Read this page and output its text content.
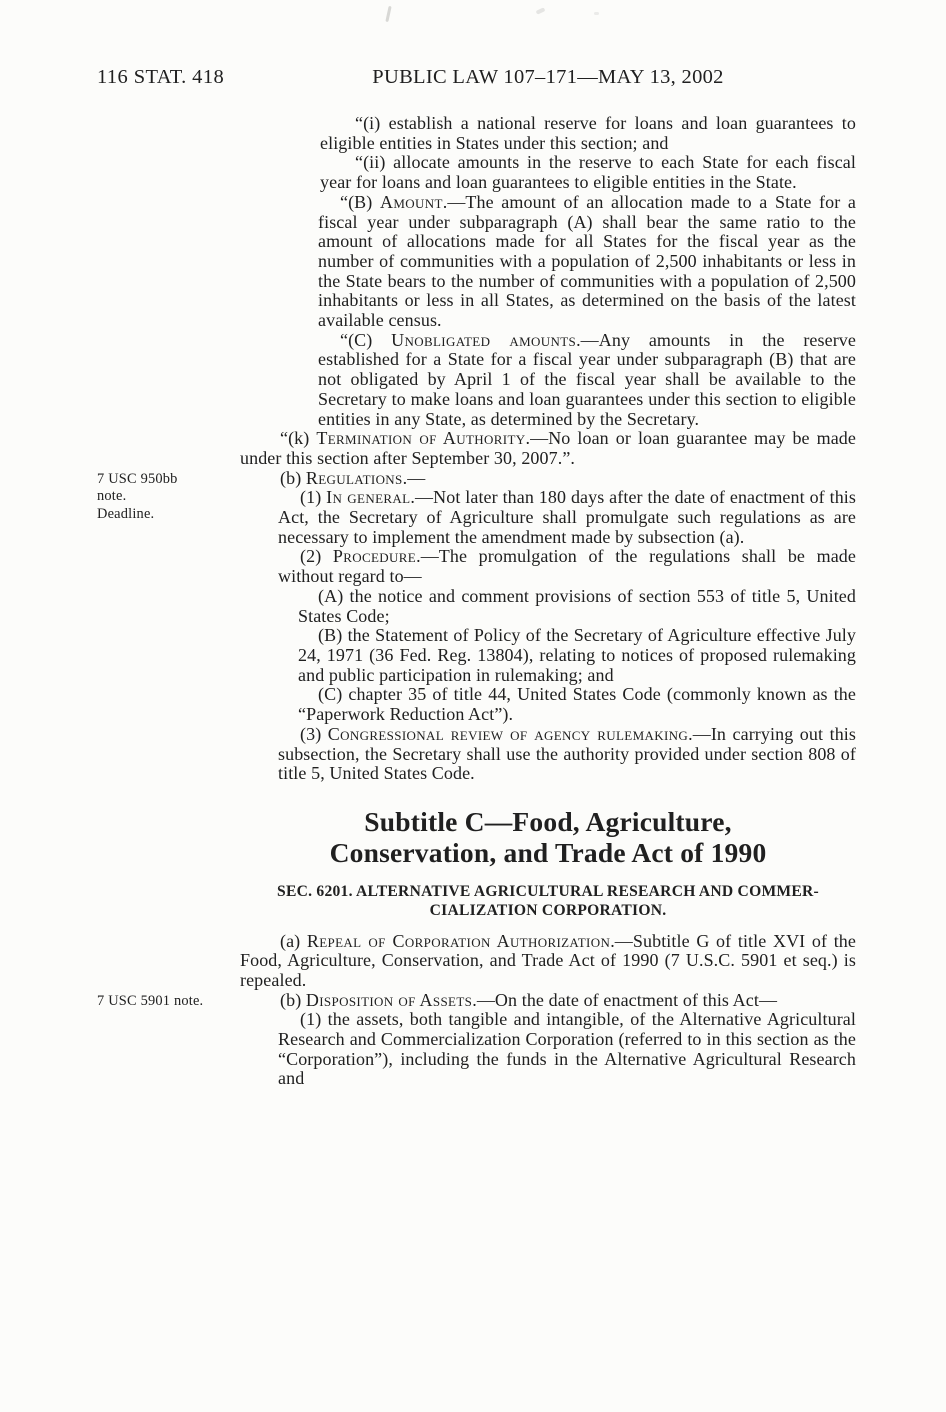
116 STAT. 418	PUBLIC LAW 107–171—MAY 13, 2002

“(i) establish a national reserve for loans and loan guarantees to eligible entities in States under this section; and

“(ii) allocate amounts in the reserve to each State for each fiscal year for loans and loan guarantees to eligible entities in the State.

“(B) Amount.—The amount of an allocation made to a State for a fiscal year under subparagraph (A) shall bear the same ratio to the amount of allocations made for all States for the fiscal year as the number of communities with a population of 2,500 inhabitants or less in the State bears to the number of communities with a population of 2,500 inhabitants or less in all States, as determined on the basis of the latest available census.

“(C) Unobligated amounts.—Any amounts in the reserve established for a State for a fiscal year under subparagraph (B) that are not obligated by April 1 of the fiscal year shall be available to the Secretary to make loans and loan guarantees under this section to eligible entities in any State, as determined by the Secretary.

“(k) Termination of Authority.—No loan or loan guarantee may be made under this section after September 30, 2007.”.

7 USC 950bb
note.
Deadline.
(b) Regulations.—

(1) In general.—Not later than 180 days after the date of enactment of this Act, the Secretary of Agriculture shall promulgate such regulations as are necessary to implement the amendment made by subsection (a).

(2) Procedure.—The promulgation of the regulations shall be made without regard to—

(A) the notice and comment provisions of section 553 of title 5, United States Code;

(B) the Statement of Policy of the Secretary of Agriculture effective July 24, 1971 (36 Fed. Reg. 13804), relating to notices of proposed rulemaking and public participation in rulemaking; and

(C) chapter 35 of title 44, United States Code (commonly known as the “Paperwork Reduction Act”).

(3) Congressional review of agency rulemaking.—In carrying out this subsection, the Secretary shall use the authority provided under section 808 of title 5, United States Code.

Subtitle C—Food, Agriculture,
Conservation, and Trade Act of 1990
SEC. 6201. ALTERNATIVE AGRICULTURAL RESEARCH AND COMMER-
CIALIZATION CORPORATION.

(a) Repeal of Corporation Authorization.—Subtitle G of title XVI of the Food, Agriculture, Conservation, and Trade Act of 1990 (7 U.S.C. 5901 et seq.) is repealed.

7 USC 5901 note.	(b) Disposition of Assets.—On the date of enactment of this Act—

(1) the assets, both tangible and intangible, of the Alternative Agricultural Research and Commercialization Corporation (referred to in this section as the “Corporation”), including the funds in the Alternative Agricultural Research and
